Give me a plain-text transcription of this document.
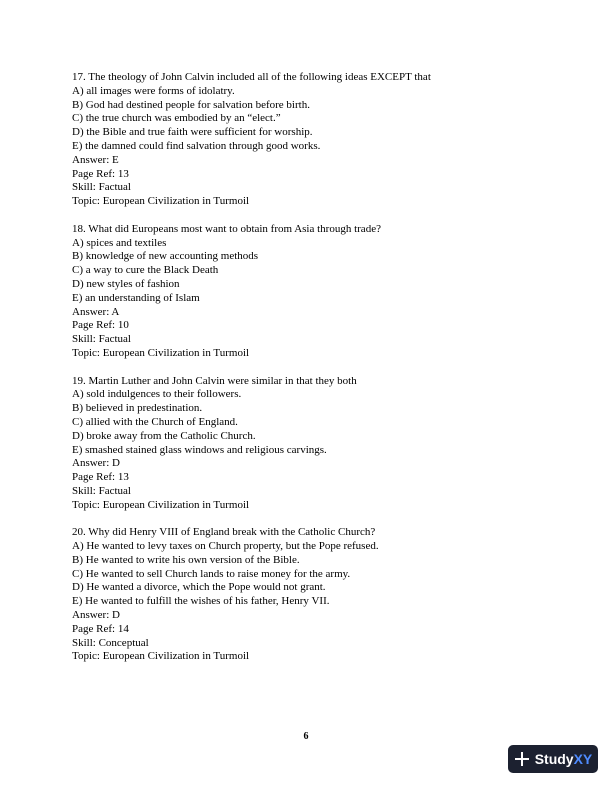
17. The theology of John Calvin included all of the following ideas EXCEPT that
A) all images were forms of idolatry.
B) God had destined people for salvation before birth.
C) the true church was embodied by an “elect.”
D) the Bible and true faith were sufficient for worship.
E) the damned could find salvation through good works.
Answer: E
Page Ref: 13
Skill: Factual
Topic: European Civilization in Turmoil
18. What did Europeans most want to obtain from Asia through trade?
A) spices and textiles
B) knowledge of new accounting methods
C) a way to cure the Black Death
D) new styles of fashion
E) an understanding of Islam
Answer: A
Page Ref: 10
Skill: Factual
Topic: European Civilization in Turmoil
19. Martin Luther and John Calvin were similar in that they both
A) sold indulgences to their followers.
B) believed in predestination.
C) allied with the Church of England.
D) broke away from the Catholic Church.
E) smashed stained glass windows and religious carvings.
Answer: D
Page Ref: 13
Skill: Factual
Topic: European Civilization in Turmoil
20. Why did Henry VIII of England break with the Catholic Church?
A) He wanted to levy taxes on Church property, but the Pope refused.
B) He wanted to write his own version of the Bible.
C) He wanted to sell Church lands to raise money for the army.
D) He wanted a divorce, which the Pope would not grant.
E) He wanted to fulfill the wishes of his father, Henry VII.
Answer: D
Page Ref: 14
Skill: Conceptual
Topic: European Civilization in Turmoil
6
StudyXY
